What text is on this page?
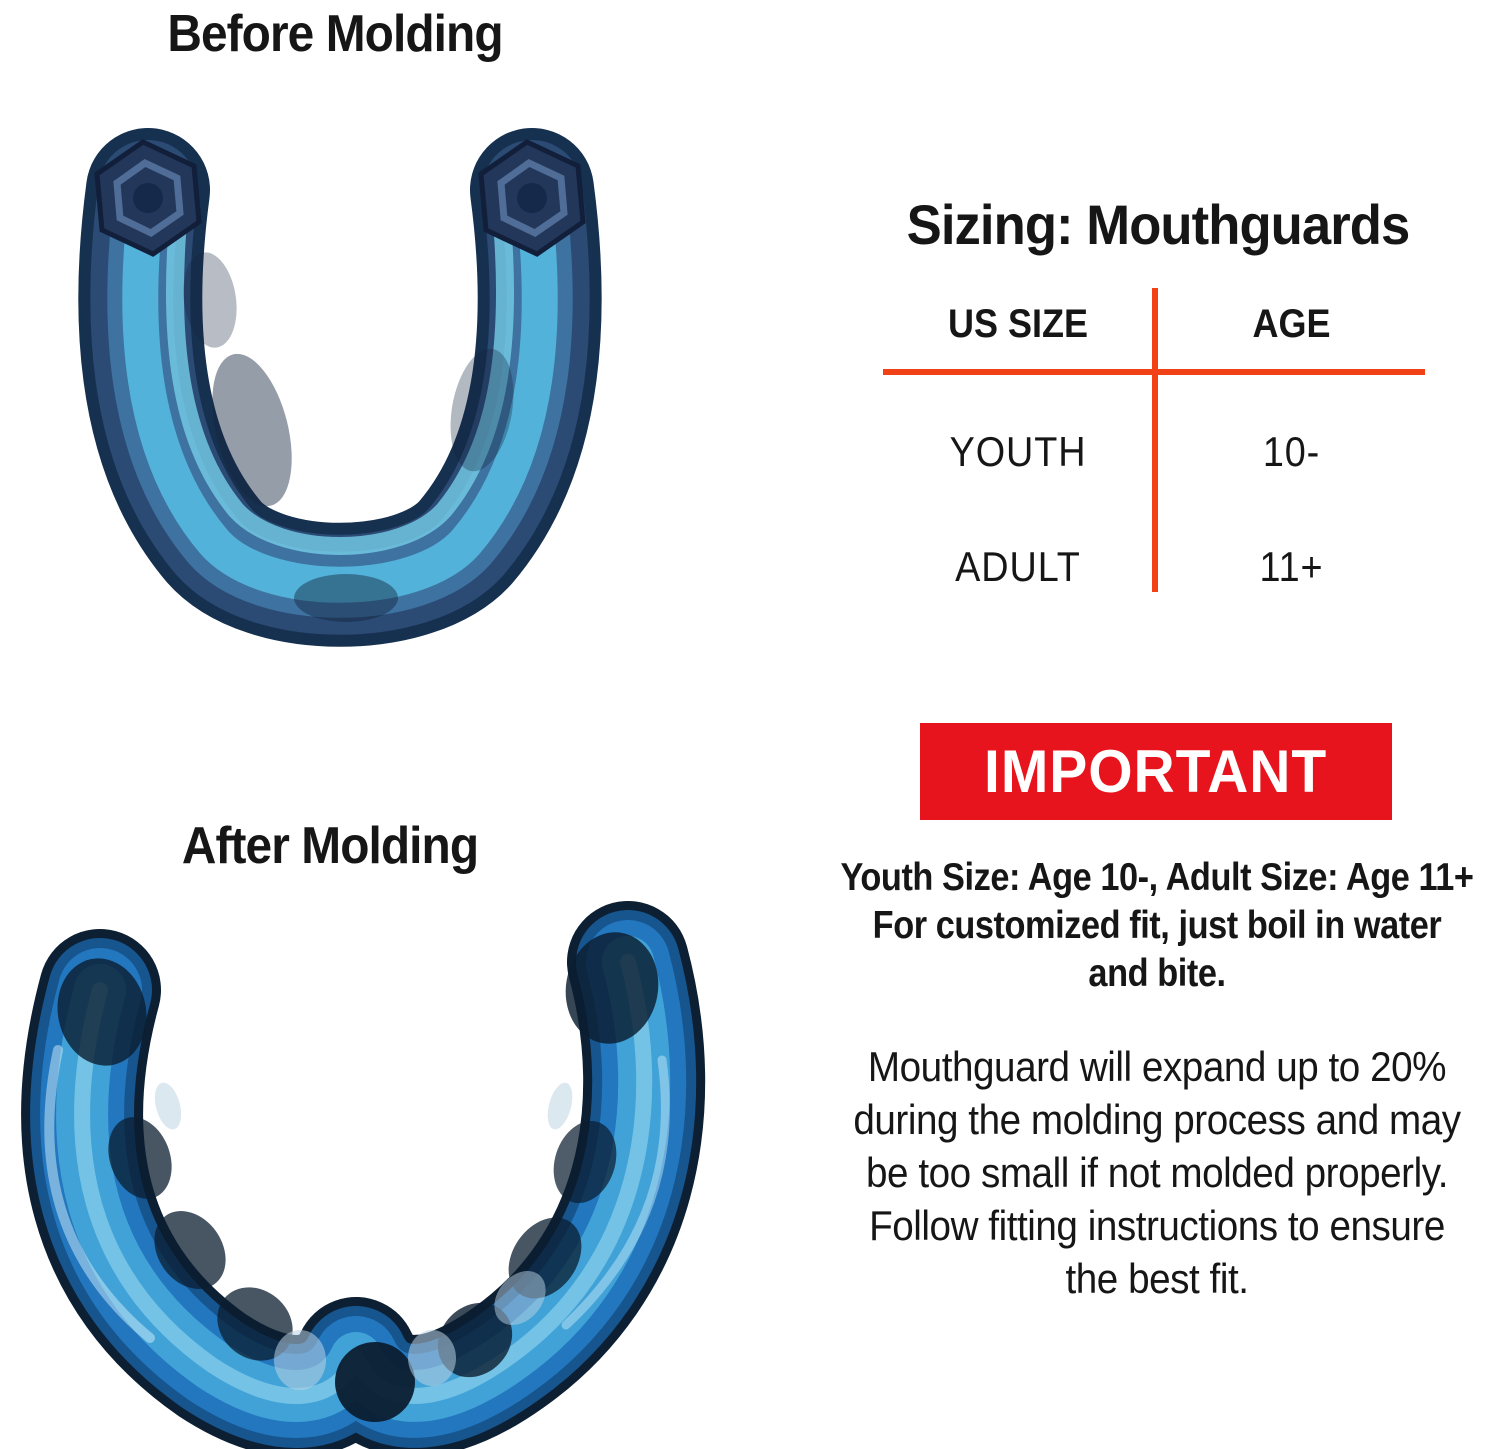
Before Molding
After Molding
Sizing: Mouthguards
US SIZE	AGE
YOUTH	10-
ADULT	11+
IMPORTANT
Youth Size: Age 10-, Adult Size: Age 11+
For customized fit, just boil in water
and bite.
Mouthguard will expand up to 20%
during the molding process and may
be too small if not molded properly.
Follow fitting instructions to ensure
the best fit.
